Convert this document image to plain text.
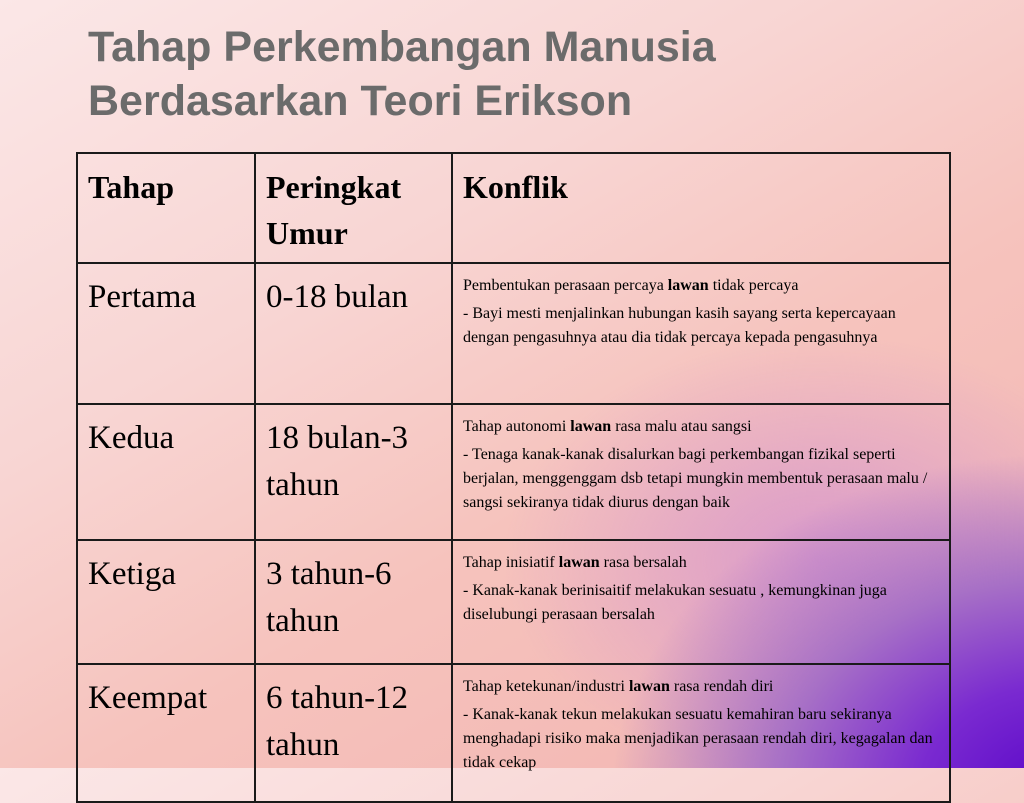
Tahap Perkembangan Manusia
Berdasarkan Teori Erikson
Tahap	Peringkat Umur	Konflik
Pertama	0-18 bulan	Pembentukan perasaan percaya lawan tidak percaya

- Bayi mesti menjalinkan hubungan kasih sayang serta kepercayaan dengan pengasuhnya atau dia tidak percaya kepada pengasuhnya

Kedua	18 bulan-3 tahun	Tahap autonomi lawan rasa malu atau sangsi

- Tenaga kanak-kanak disalurkan bagi perkembangan fizikal seperti berjalan, menggenggam dsb tetapi mungkin membentuk perasaan malu / sangsi sekiranya tidak diurus dengan baik

Ketiga	3 tahun-6 tahun	Tahap inisiatif lawan rasa bersalah

- Kanak-kanak berinisaitif melakukan sesuatu , kemungkinan juga diselubungi perasaan bersalah

Keempat	6 tahun-12 tahun	Tahap ketekunan/industri lawan rasa rendah diri

- Kanak-kanak tekun melakukan sesuatu kemahiran baru sekiranya menghadapi risiko maka menjadikan perasaan rendah diri, kegagalan dan tidak cekap
